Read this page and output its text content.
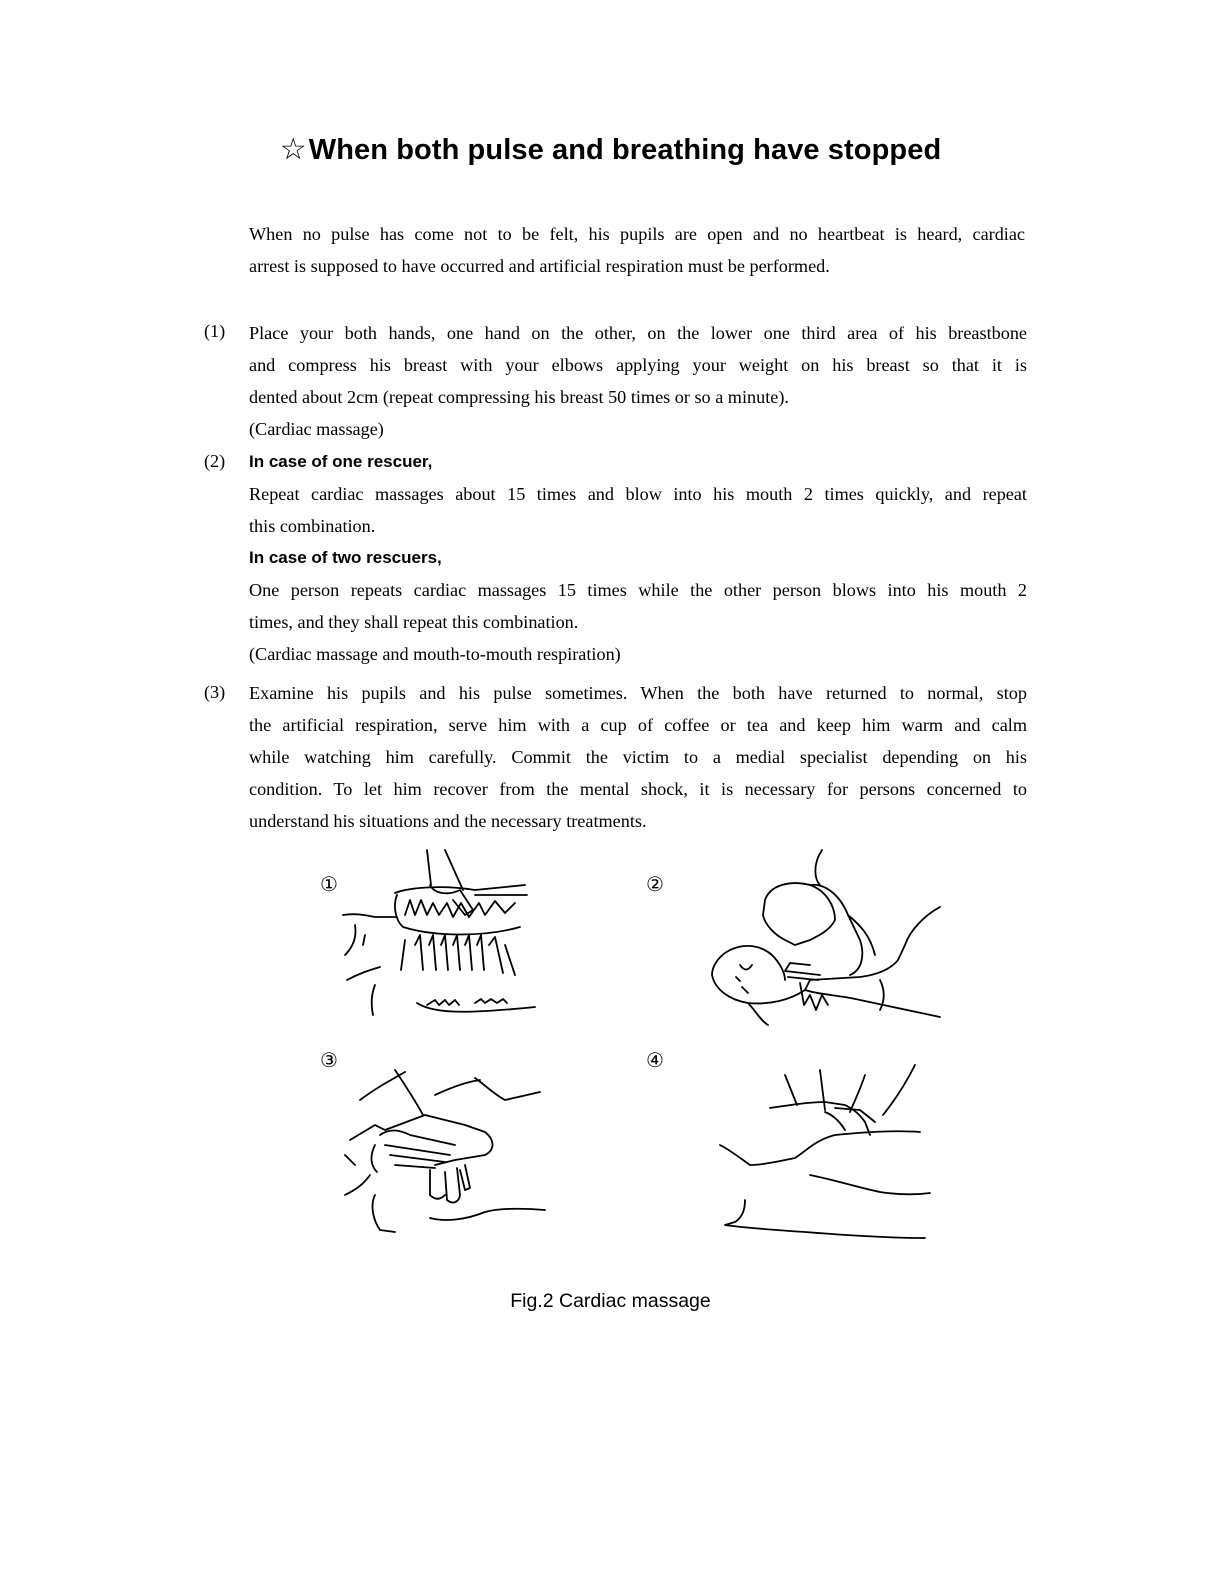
☆When both pulse and breathing have stopped
When no pulse has come not to be felt, his pupils are open and no heartbeat is heard, cardiac
arrest is supposed to have occurred and artificial respiration must be performed.
(1) Place your both hands, one hand on the other, on the lower one third area of his breastbone
and compress his breast with your elbows applying your weight on his breast so that it is
dented about 2cm (repeat compressing his breast 50 times or so a minute).
(Cardiac massage)
(2) In case of one rescuer,
Repeat cardiac massages about 15 times and blow into his mouth 2 times quickly, and repeat
this combination.
In case of two rescuers,
One person repeats cardiac massages 15 times while the other person blows into his mouth 2
times, and they shall repeat this combination.
(Cardiac massage and mouth-to-mouth respiration)
(3) Examine his pupils and his pulse sometimes. When the both have returned to normal, stop
the artificial respiration, serve him with a cup of coffee or tea and keep him warm and calm
while watching him carefully. Commit the victim to a medial specialist depending on his
condition. To let him recover from the mental shock, it is necessary for persons concerned to
understand his situations and the necessary treatments.
①	②
③	④
Fig.2 Cardiac massage
